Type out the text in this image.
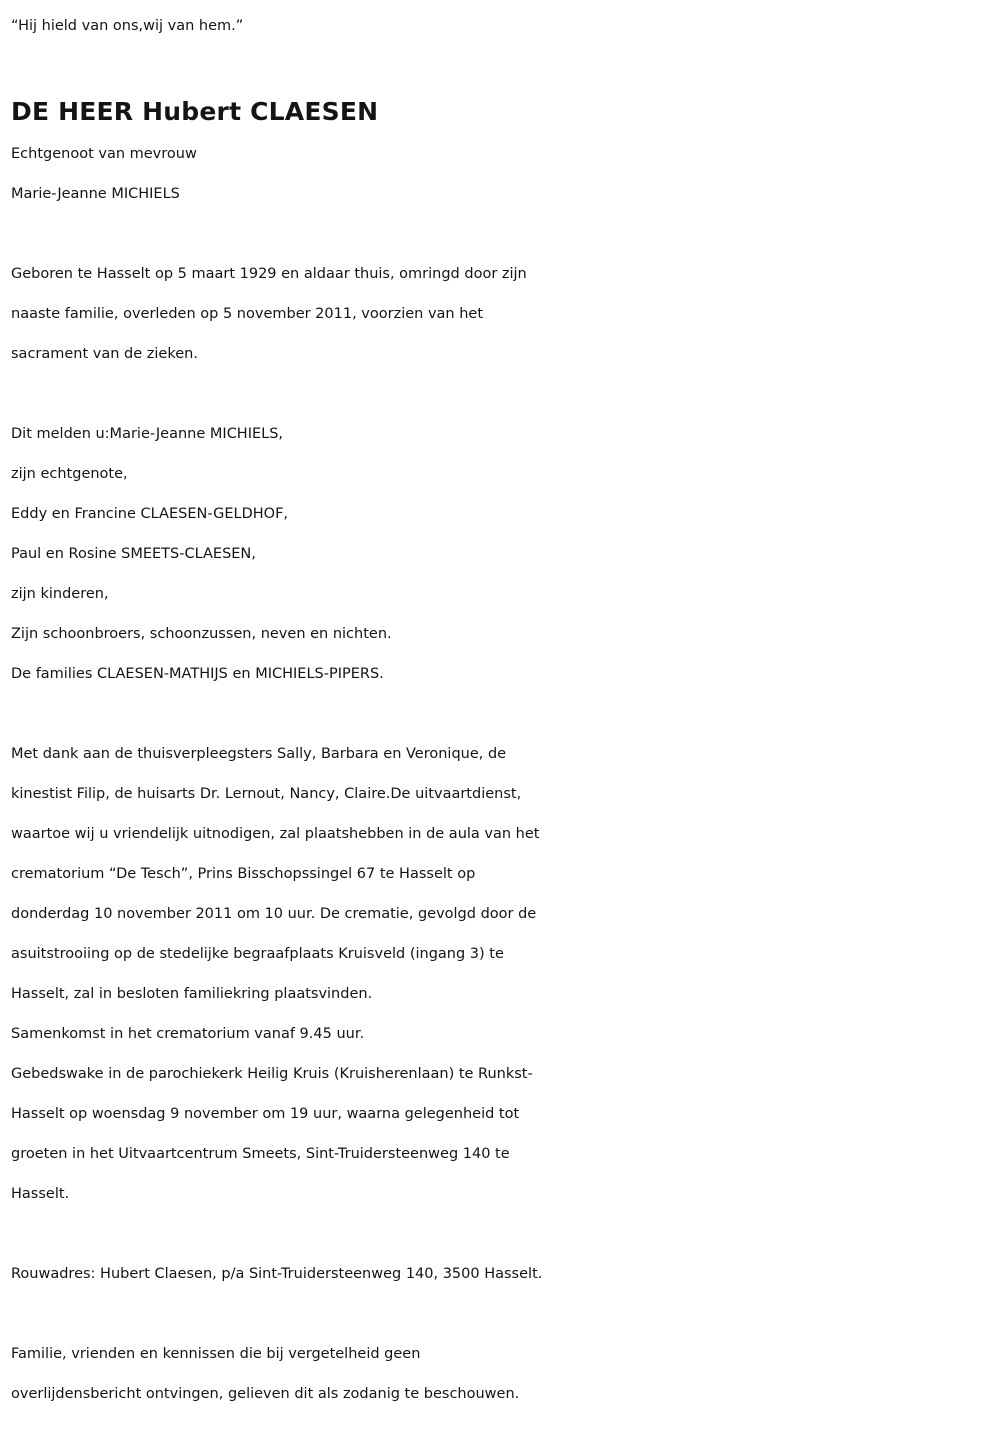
“Hij hield van ons,wij van hem.”
DE HEER Hubert CLAESEN
Echtgenoot van mevrouw
Marie-Jeanne MICHIELS
Geboren te Hasselt op 5 maart 1929 en aldaar thuis, omringd door zijn
naaste familie, overleden op 5 november 2011, voorzien van het
sacrament van de zieken.
Dit melden u:Marie-Jeanne MICHIELS,
zijn echtgenote,
Eddy en Francine CLAESEN-GELDHOF,
Paul en Rosine SMEETS-CLAESEN,
zijn kinderen,
Zijn schoonbroers, schoonzussen, neven en nichten.
De families CLAESEN-MATHIJS en MICHIELS-PIPERS.
Met dank aan de thuisverpleegsters Sally, Barbara en Veronique, de
kinestist Filip, de huisarts Dr. Lernout, Nancy, Claire.De uitvaartdienst,
waartoe wij u vriendelijk uitnodigen, zal plaatshebben in de aula van het
crematorium “De Tesch”, Prins Bisschopssingel 67 te Hasselt op
donderdag 10 november 2011 om 10 uur. De crematie, gevolgd door de
asuitstrooiing op de stedelijke begraafplaats Kruisveld (ingang 3) te
Hasselt, zal in besloten familiekring plaatsvinden.
Samenkomst in het crematorium vanaf 9.45 uur.
Gebedswake in de parochiekerk Heilig Kruis (Kruisherenlaan) te Runkst-
Hasselt op woensdag 9 november om 19 uur, waarna gelegenheid tot
groeten in het Uitvaartcentrum Smeets, Sint-Truidersteenweg 140 te
Hasselt.
Rouwadres: Hubert Claesen, p/a Sint-Truidersteenweg 140, 3500 Hasselt.
Familie, vrienden en kennissen die bij vergetelheid geen
overlijdensbericht ontvingen, gelieven dit als zodanig te beschouwen.
